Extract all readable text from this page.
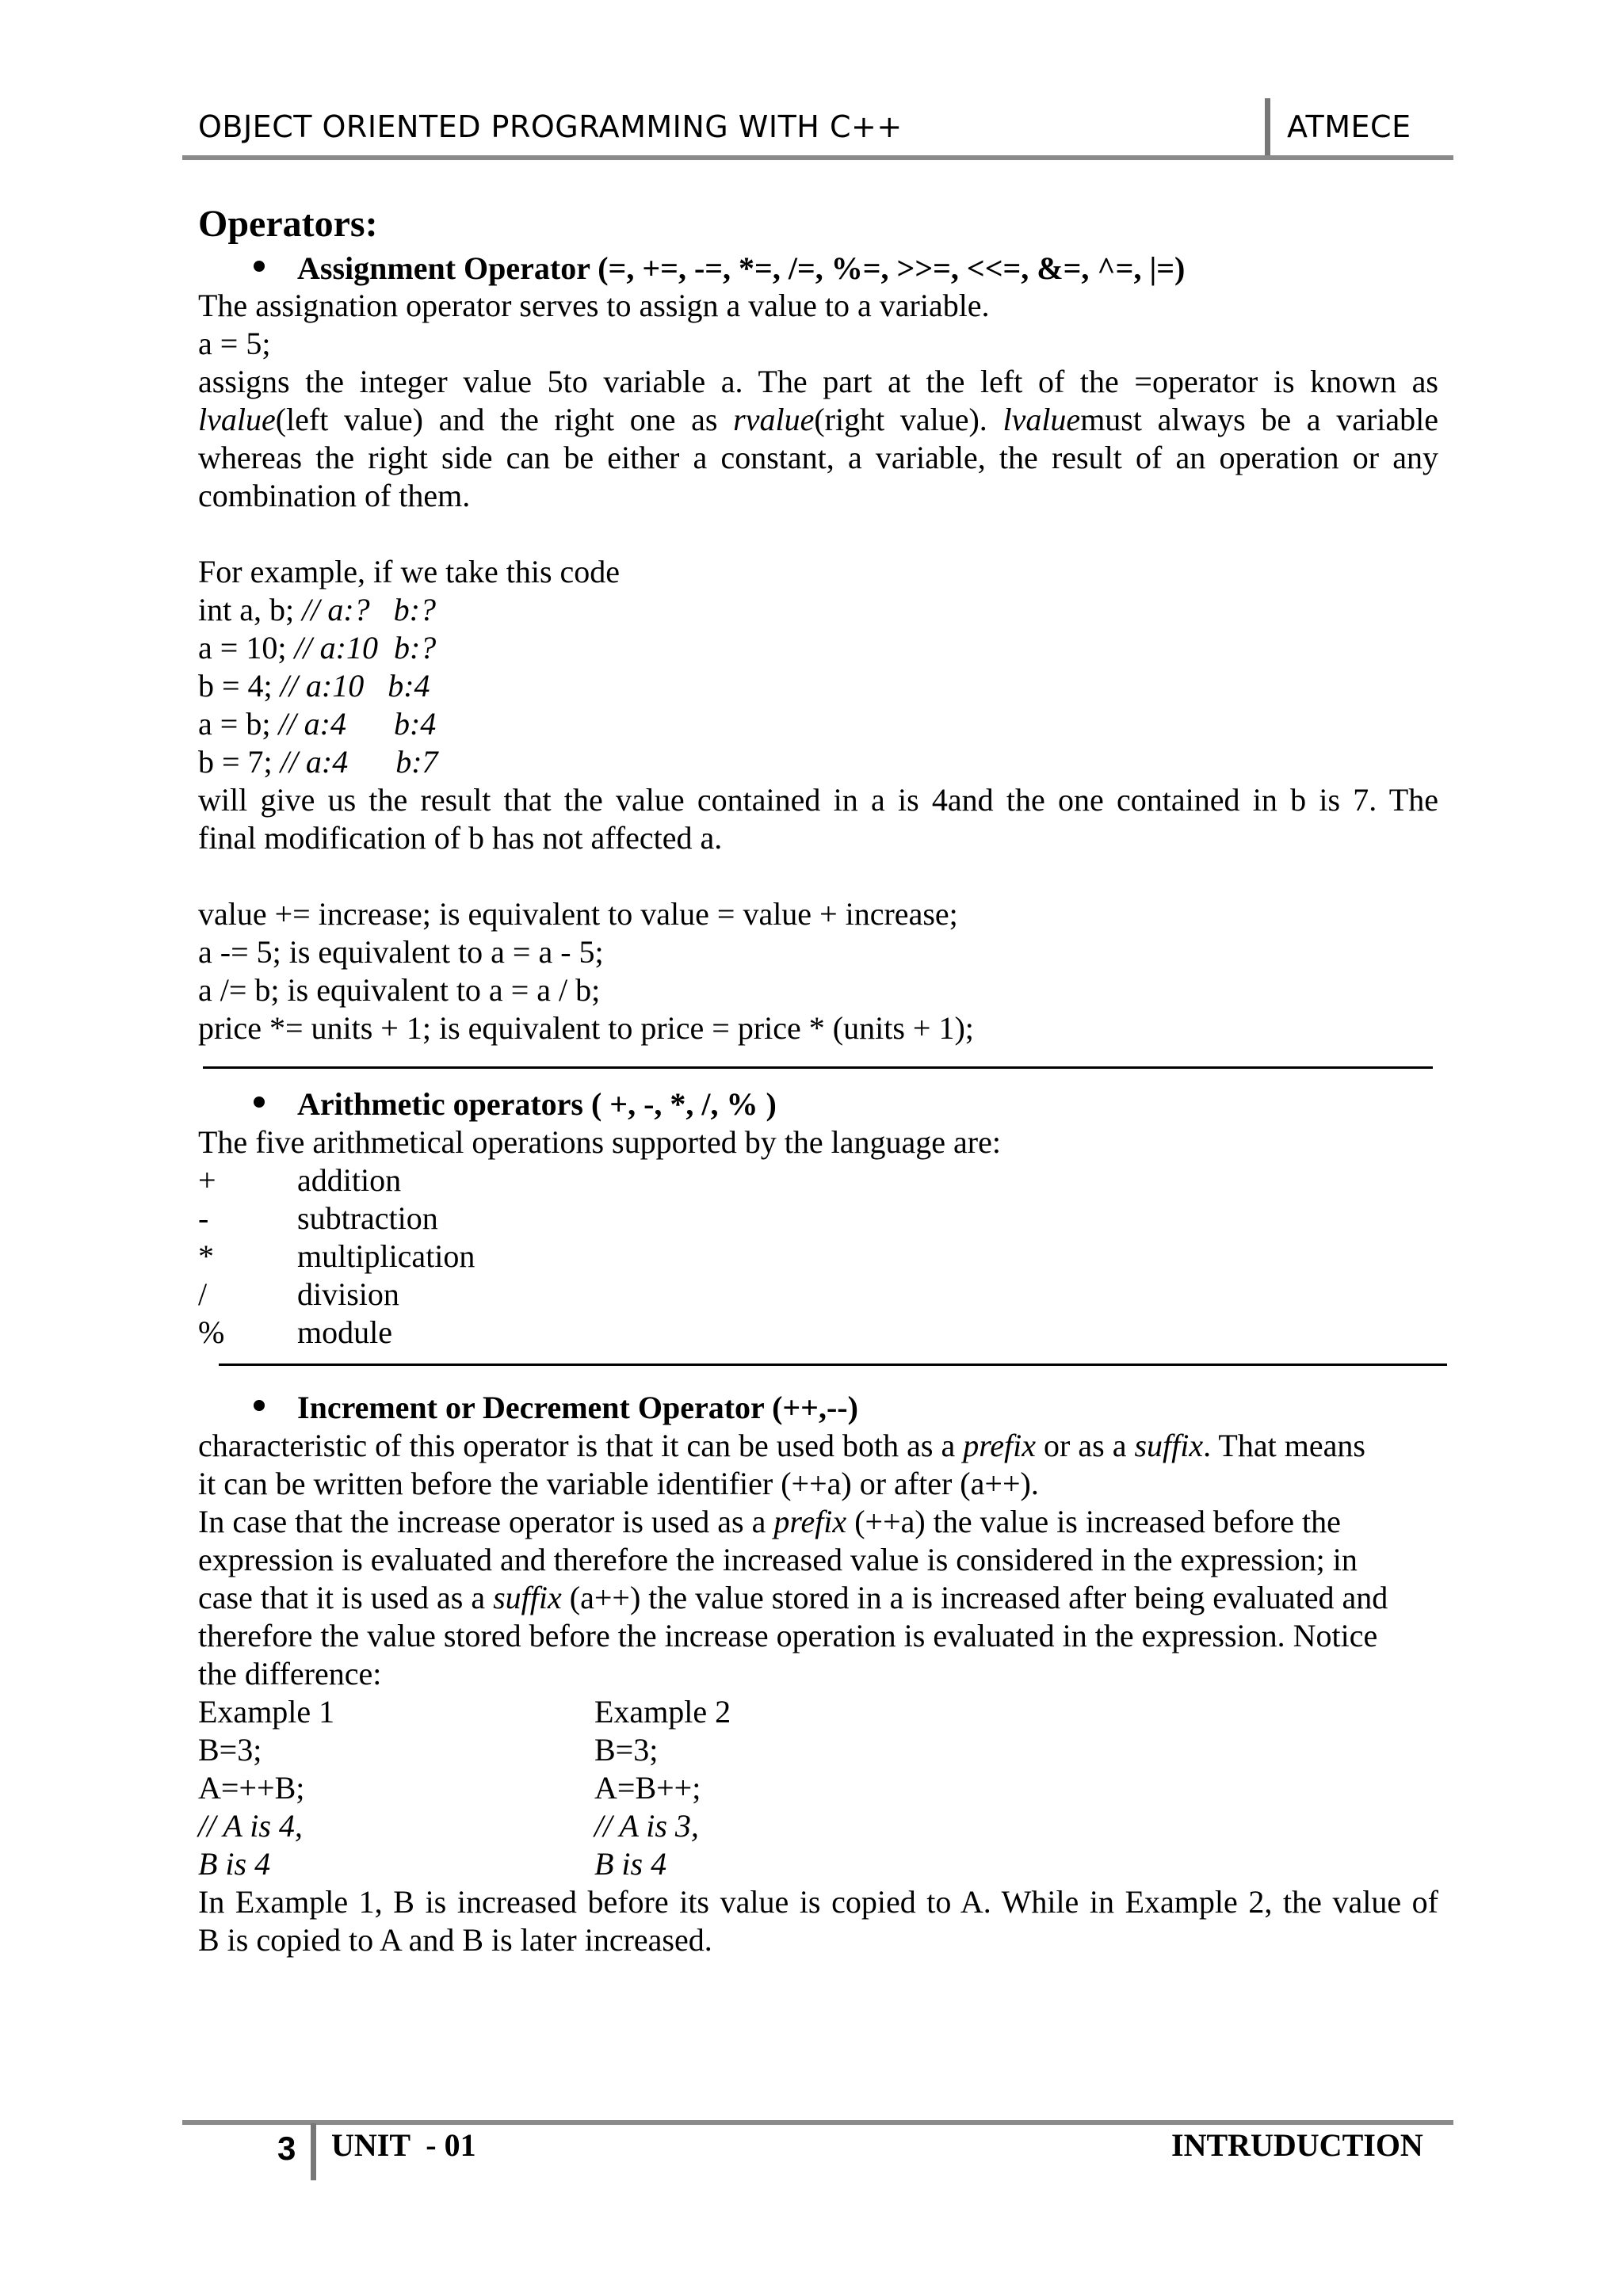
OBJECT ORIENTED PROGRAMMING WITH C++	ATMECE
Operators:

Assignment Operator (=, +=, -=, *=, /=, %=, >>=, <<=, &=, ^=, |=)

The assignation operator serves to assign a value to a variable.
a = 5;
assigns the integer value 5to variable a. The part at the left of the =operator is known as
lvalue(left value) and the right one as rvalue(right value). lvaluemust always be a variable
whereas the right side can be either a constant, a variable, the result of an operation or any
combination of them.
For example, if we take this code
int a, b; // a:?   b:?
a = 10; // a:10  b:?
b = 4; // a:10   b:4
a = b; // a:4      b:4
b = 7; // a:4      b:7
will give us the result that the value contained in a is 4and the one contained in b is 7. The
final modification of b has not affected a.
value += increase; is equivalent to value = value + increase;
a -= 5; is equivalent to a = a - 5;
a /= b; is equivalent to a = a / b;
price *= units + 1; is equivalent to price = price * (units + 1);

Arithmetic operators ( +, -, *, /, % )

The five arithmetical operations supported by the language are:
+	addition
-	subtraction
*	multiplication
/	division
% module

Increment or Decrement Operator (++,--)

characteristic of this operator is that it can be used both as a prefix or as a suffix. That means
it can be written before the variable identifier (++a) or after (a++).
In case that the increase operator is used as a prefix (++a) the value is increased before the
expression is evaluated and therefore the increased value is considered in the expression; in
case that it is used as a suffix (a++) the value stored in a is increased after being evaluated and
therefore the value stored before the increase operation is evaluated in the expression. Notice
the difference:
Example 1	Example 2
B=3;	B=3;
A=++B;	A=B++;
// A is 4,	// A is 3,
B is 4	B is 4
In Example 1, B is increased before its value is copied to A. While in Example 2, the value of
B is copied to A and B is later increased.
3 UNIT  - 01	INTRUDUCTION
